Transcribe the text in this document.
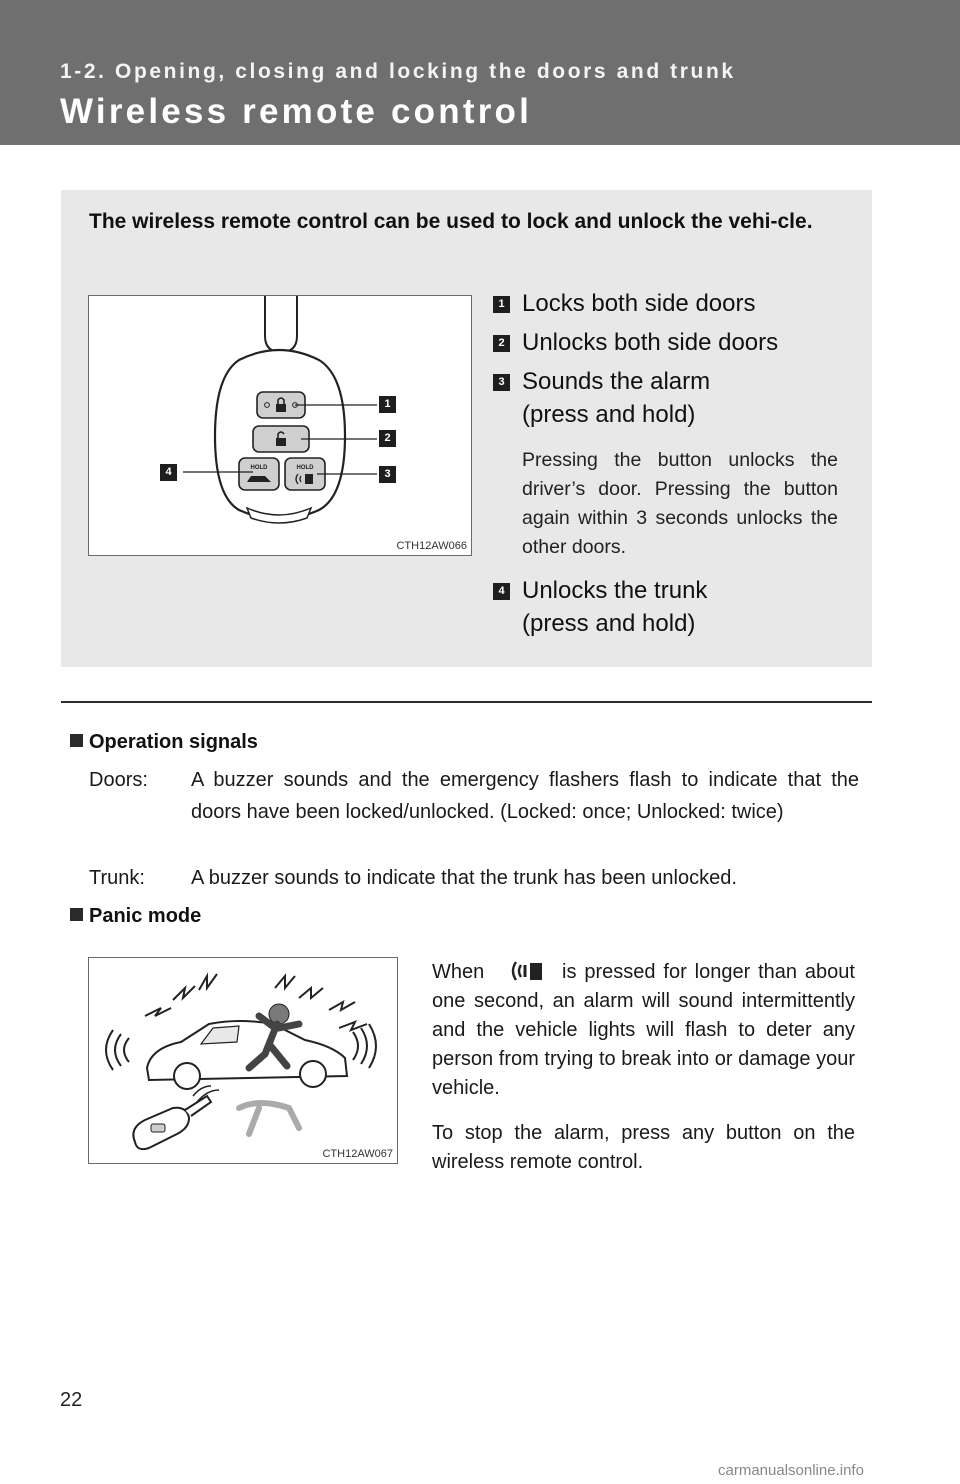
1-2. Opening, closing and locking the doors and trunk
Wireless remote control
The wireless remote control can be used to lock and unlock the vehi-cle.
HOLD	HOLD
1
2
3
4
CTH12AW066
1 Locks both side doors
2 Unlocks both side doors
3 Sounds the alarm
(press and hold)
Pressing the button unlocks the driver’s door. Pressing the button again within 3 seconds unlocks the other doors.
4 Unlocks the trunk
(press and hold)
Operation signals
Doors: A buzzer sounds and the emergency flashers flash to indicate that the doors have been locked/unlocked. (Locked: once; Unlocked: twice)
Trunk: A buzzer sounds to indicate that the trunk has been unlocked.
Panic mode
CTH12AW067
When	is pressed for longer than about one second, an alarm will sound intermittently and the vehicle lights will flash to deter any person from trying to break into or damage your vehicle.
To stop the alarm, press any button on the wireless remote control.
22
carmanualsonline.info
